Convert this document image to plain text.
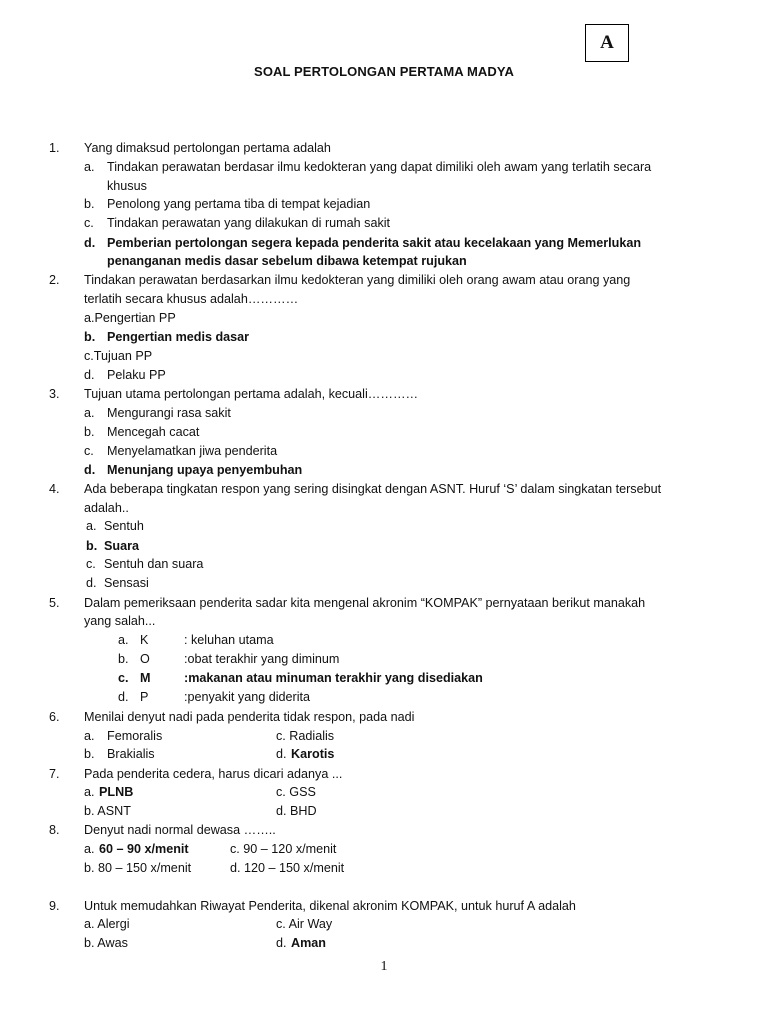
A
SOAL PERTOLONGAN PERTAMA MADYA
1.	Yang dimaksud pertolongan pertama adalah
a. Tindakan perawatan berdasar ilmu kedokteran yang dapat dimiliki oleh awam yang terlatih secara
khusus
b. Penolong yang pertama tiba di tempat kejadian
c. Tindakan perawatan yang dilakukan di rumah sakit
d. Pemberian pertolongan segera kepada penderita sakit atau kecelakaan yang Memerlukan
penanganan medis dasar sebelum dibawa ketempat rujukan
2.	Tindakan perawatan berdasarkan ilmu kedokteran yang dimiliki oleh orang awam atau orang yang
terlatih secara khusus adalah…………
a.Pengertian PP
b. Pengertian medis dasar
c.Tujuan PP
d. Pelaku PP
3.	Tujuan utama pertolongan pertama adalah, kecuali…………
a. Mengurangi rasa sakit
b. Mencegah cacat
c. Menyelamatkan jiwa penderita
d. Menunjang upaya penyembuhan
4.	Ada beberapa tingkatan respon yang sering disingkat dengan ASNT. Huruf ‘S’ dalam singkatan tersebut
adalah..
a. Sentuh
b. Suara
c. Sentuh dan suara
d. Sensasi
5.	Dalam pemeriksaan penderita sadar kita mengenal akronim “KOMPAK” pernyataan berikut manakah
yang salah...
a. K	: keluhan utama
b. O	:obat terakhir yang diminum
c. M	:makanan atau minuman terakhir yang disediakan
d. P	:penyakit yang diderita
6.	Menilai denyut nadi pada penderita tidak respon, pada nadi
a. Femoralis	c. Radialis
b. Brakialis	d. Karotis
7.	Pada penderita cedera, harus dicari adanya ...
a. PLNB	c. GSS
b. ASNT	d. BHD
8.	Denyut nadi normal dewasa ……..
a. 60 – 90 x/menit	c. 90 – 120 x/menit
b. 80 – 150 x/menit	d. 120 – 150 x/menit
9.	Untuk memudahkan Riwayat Penderita, dikenal akronim KOMPAK, untuk huruf A adalah
a. Alergi	c. Air Way
b. Awas	d. Aman
1
